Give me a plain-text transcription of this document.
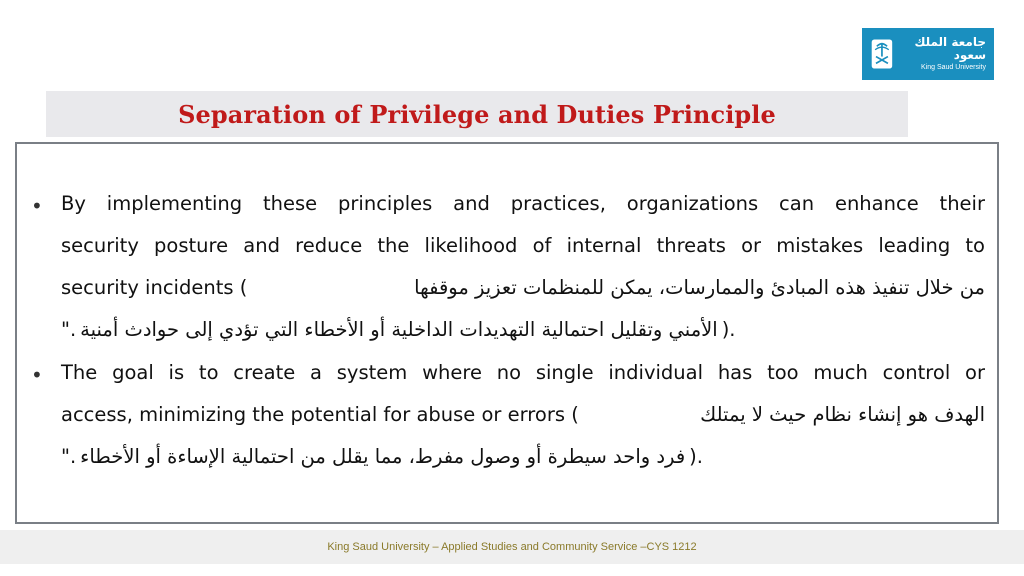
جامعة الملك سعود
King Saud University
Separation of Privilege and Duties Principle
• By implementing these principles and practices, organizations can enhance their
security posture and reduce the likelihood of internal threats or mistakes leading to
security incidents (	من خلال تنفيذ هذه المبادئ والممارسات، يمكن للمنظمات تعزيز موقفها
". الأمني وتقليل احتمالية التهديدات الداخلية أو الأخطاء التي تؤدي إلى حوادث أمنية ).
• The goal is to create a system where no single individual has too much control or
access, minimizing the potential for abuse or errors (	الهدف هو إنشاء نظام حيث لا يمتلك
". فرد واحد سيطرة أو وصول مفرط، مما يقلل من احتمالية الإساءة أو الأخطاء ).
King Saud University – Applied Studies and Community Service –CYS 1212
